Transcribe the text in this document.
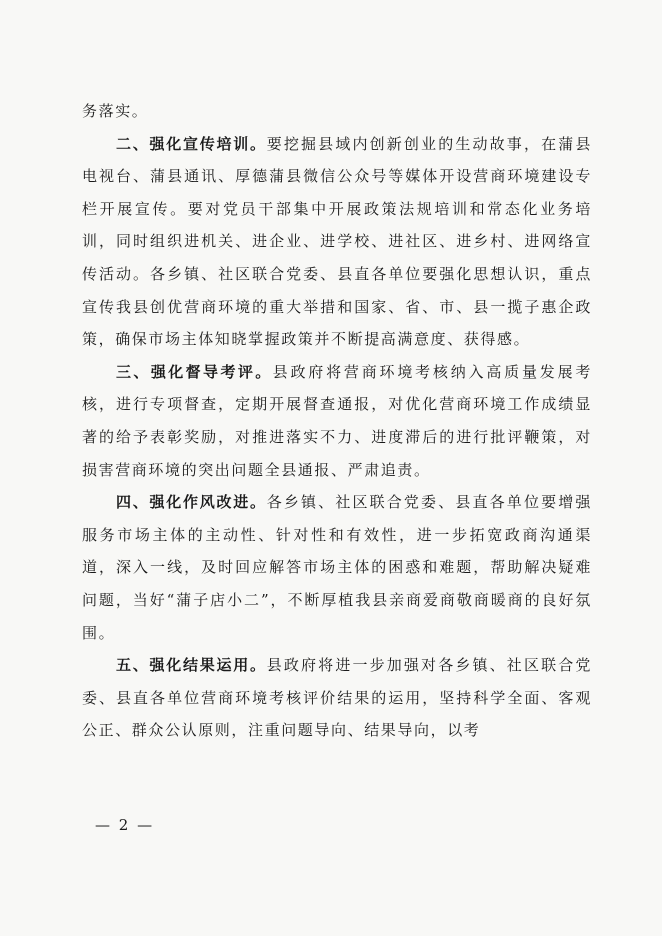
务落实。

二、强化宣传培训。要挖掘县域内创新创业的生动故事，在蒲县电视台、蒲县通讯、厚德蒲县微信公众号等媒体开设营商环境建设专栏开展宣传。要对党员干部集中开展政策法规培训和常态化业务培训，同时组织进机关、进企业、进学校、进社区、进乡村、进网络宣传活动。各乡镇、社区联合党委、县直各单位要强化思想认识，重点宣传我县创优营商环境的重大举措和国家、省、市、县一揽子惠企政策，确保市场主体知晓掌握政策并不断提高满意度、获得感。

三、强化督导考评。县政府将营商环境考核纳入高质量发展考核，进行专项督查，定期开展督查通报，对优化营商环境工作成绩显著的给予表彰奖励，对推进落实不力、进度滞后的进行批评鞭策，对损害营商环境的突出问题全县通报、严肃追责。

四、强化作风改进。各乡镇、社区联合党委、县直各单位要增强服务市场主体的主动性、针对性和有效性，进一步拓宽政商沟通渠道，深入一线，及时回应解答市场主体的困惑和难题，帮助解决疑难问题，当好“蒲子店小二”，不断厚植我县亲商爱商敬商暖商的良好氛围。

五、强化结果运用。县政府将进一步加强对各乡镇、社区联合党委、县直各单位营商环境考核评价结果的运用，坚持科学全面、客观公正、群众公认原则，注重问题导向、结果导向，以考

— 2 —
